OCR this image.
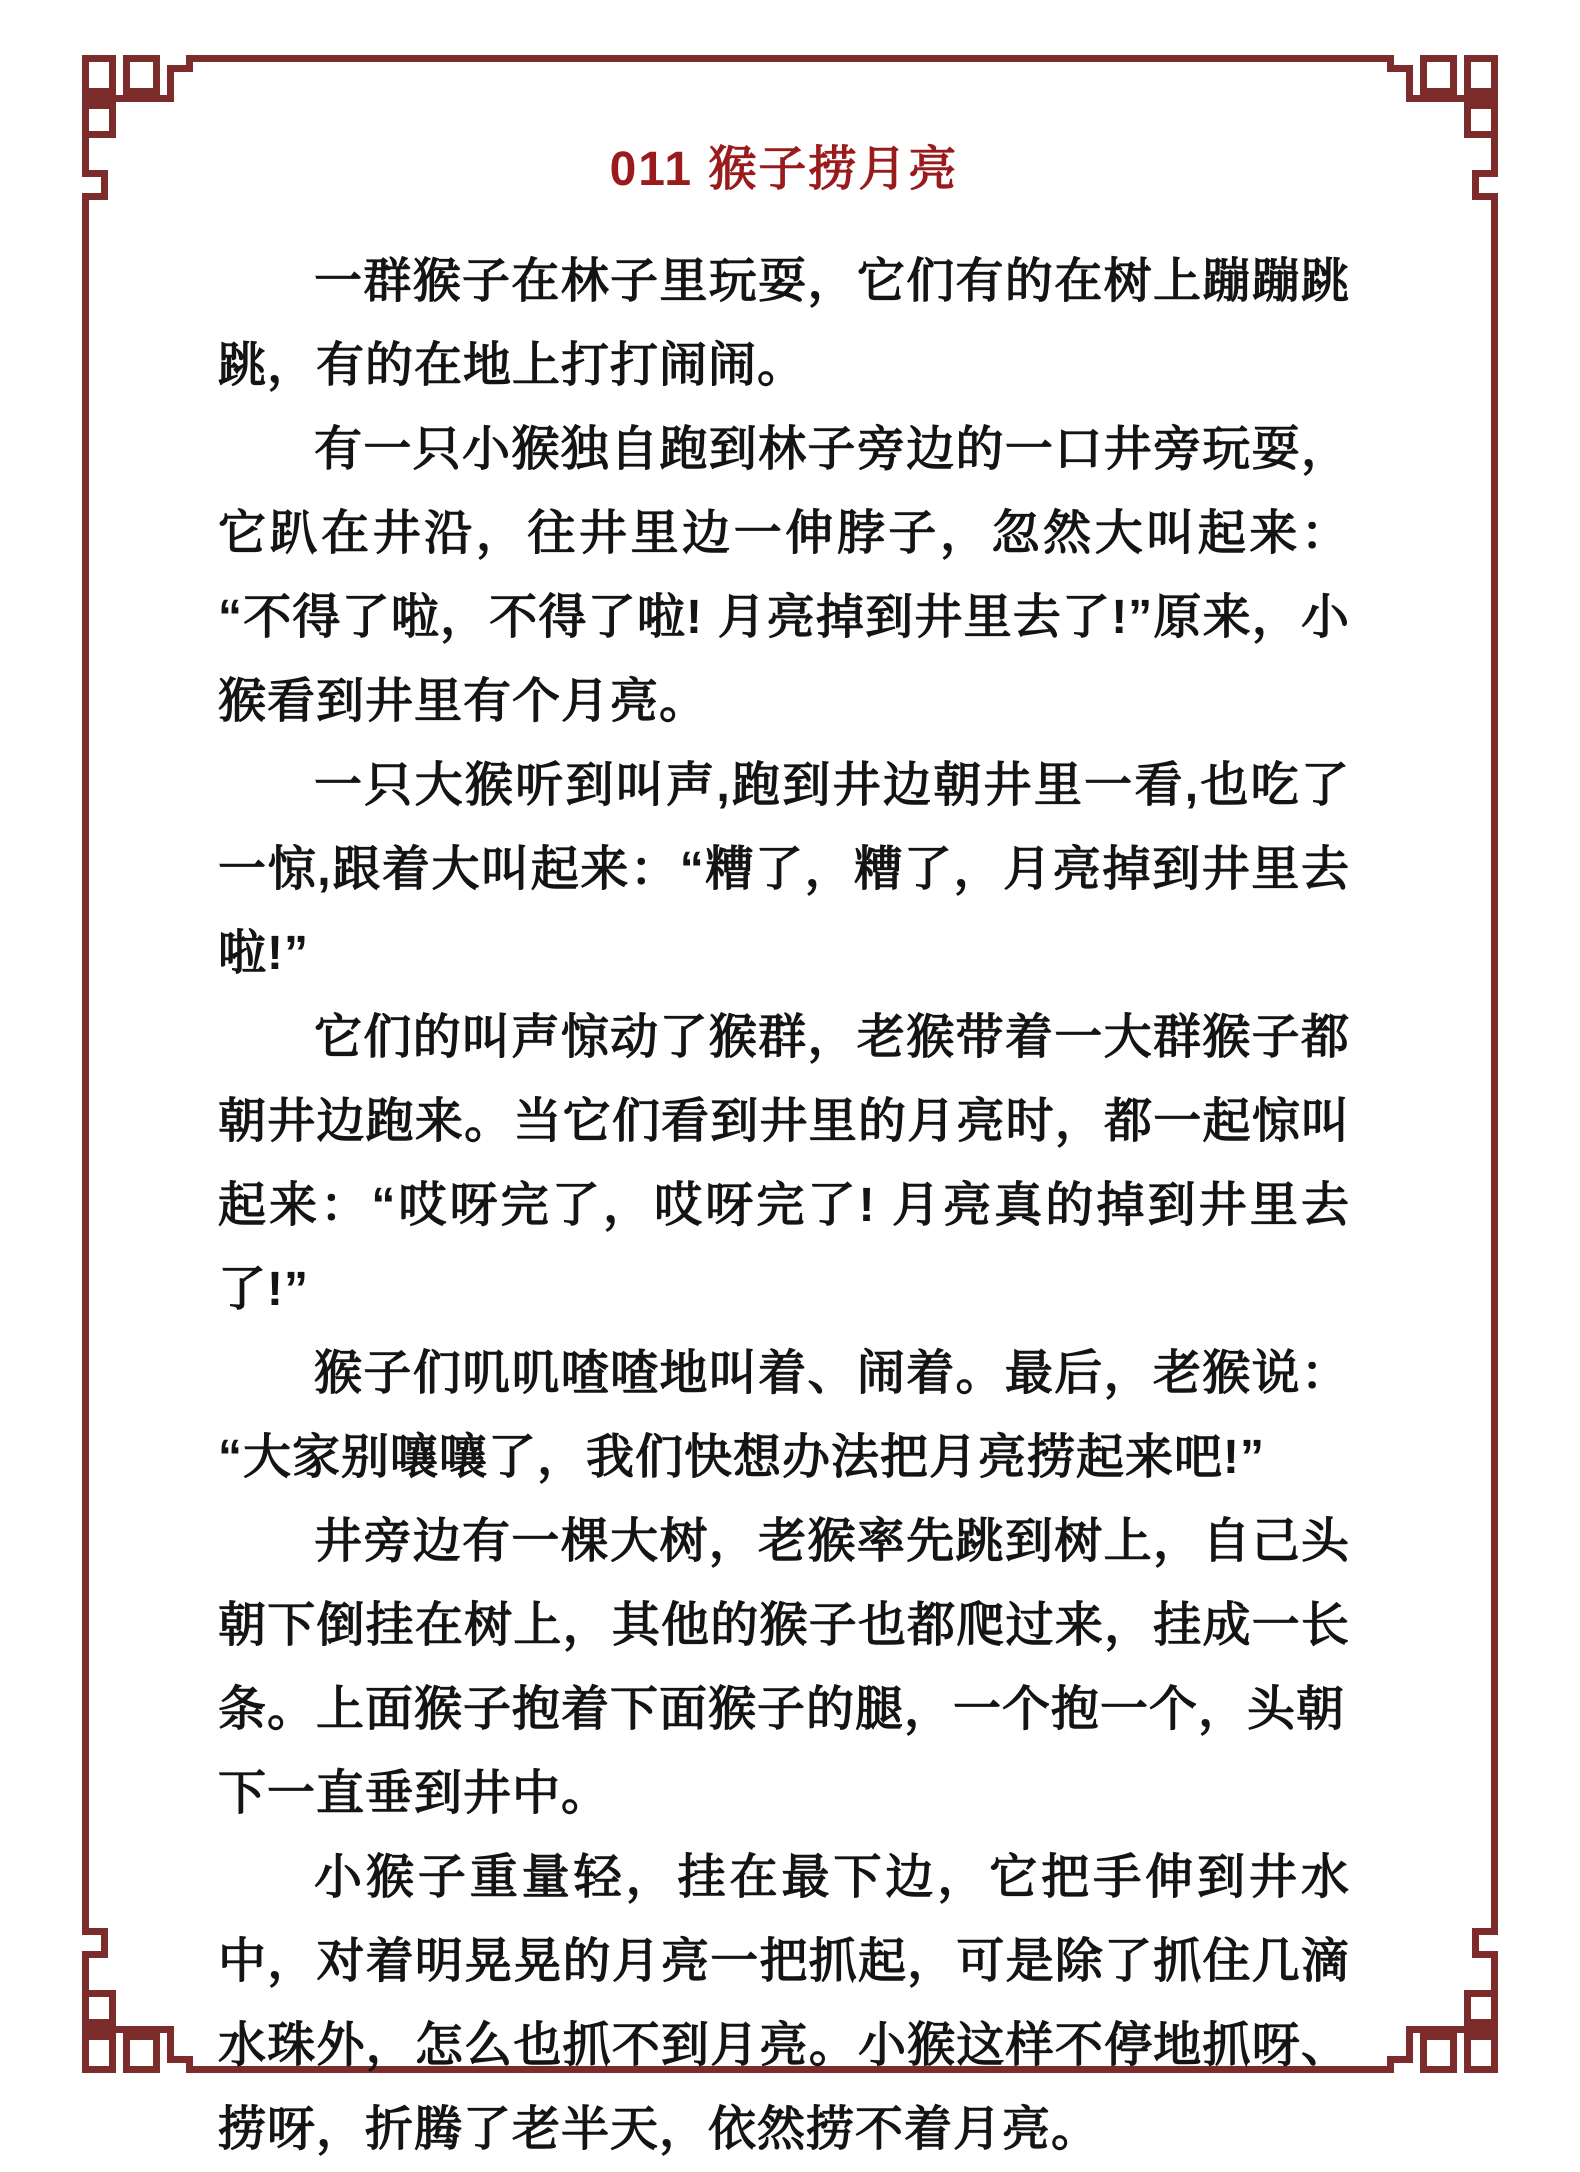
011 猴子捞月亮

一群猴子在林子里玩耍，它们有的在树上蹦蹦跳跳，有的在地上打打闹闹。

有一只小猴独自跑到林子旁边的一口井旁玩耍，它趴在井沿，往井里边一伸脖子，忽然大叫起来：“不得了啦，不得了啦! 月亮掉到井里去了!”原来，小猴看到井里有个月亮。

一只大猴听到叫声,跑到井边朝井里一看,也吃了一惊,跟着大叫起来：“糟了，糟了，月亮掉到井里去啦!”

它们的叫声惊动了猴群，老猴带着一大群猴子都朝井边跑来。当它们看到井里的月亮时，都一起惊叫起来：“哎呀完了，哎呀完了! 月亮真的掉到井里去了!”

猴子们叽叽喳喳地叫着、闹着。最后，老猴说：“大家别嚷嚷了，我们快想办法把月亮捞起来吧!”

井旁边有一棵大树，老猴率先跳到树上，自己头朝下倒挂在树上，其他的猴子也都爬过来，挂成一长条。上面猴子抱着下面猴子的腿，一个抱一个，头朝

下一直垂到井中。

小猴子重量轻，挂在最下边，它把手伸到井水中，对着明晃晃的月亮一把抓起，可是除了抓住几滴水珠外，怎么也抓不到月亮。小猴这样不停地抓呀、捞呀，折腾了老半天，依然捞不着月亮。
